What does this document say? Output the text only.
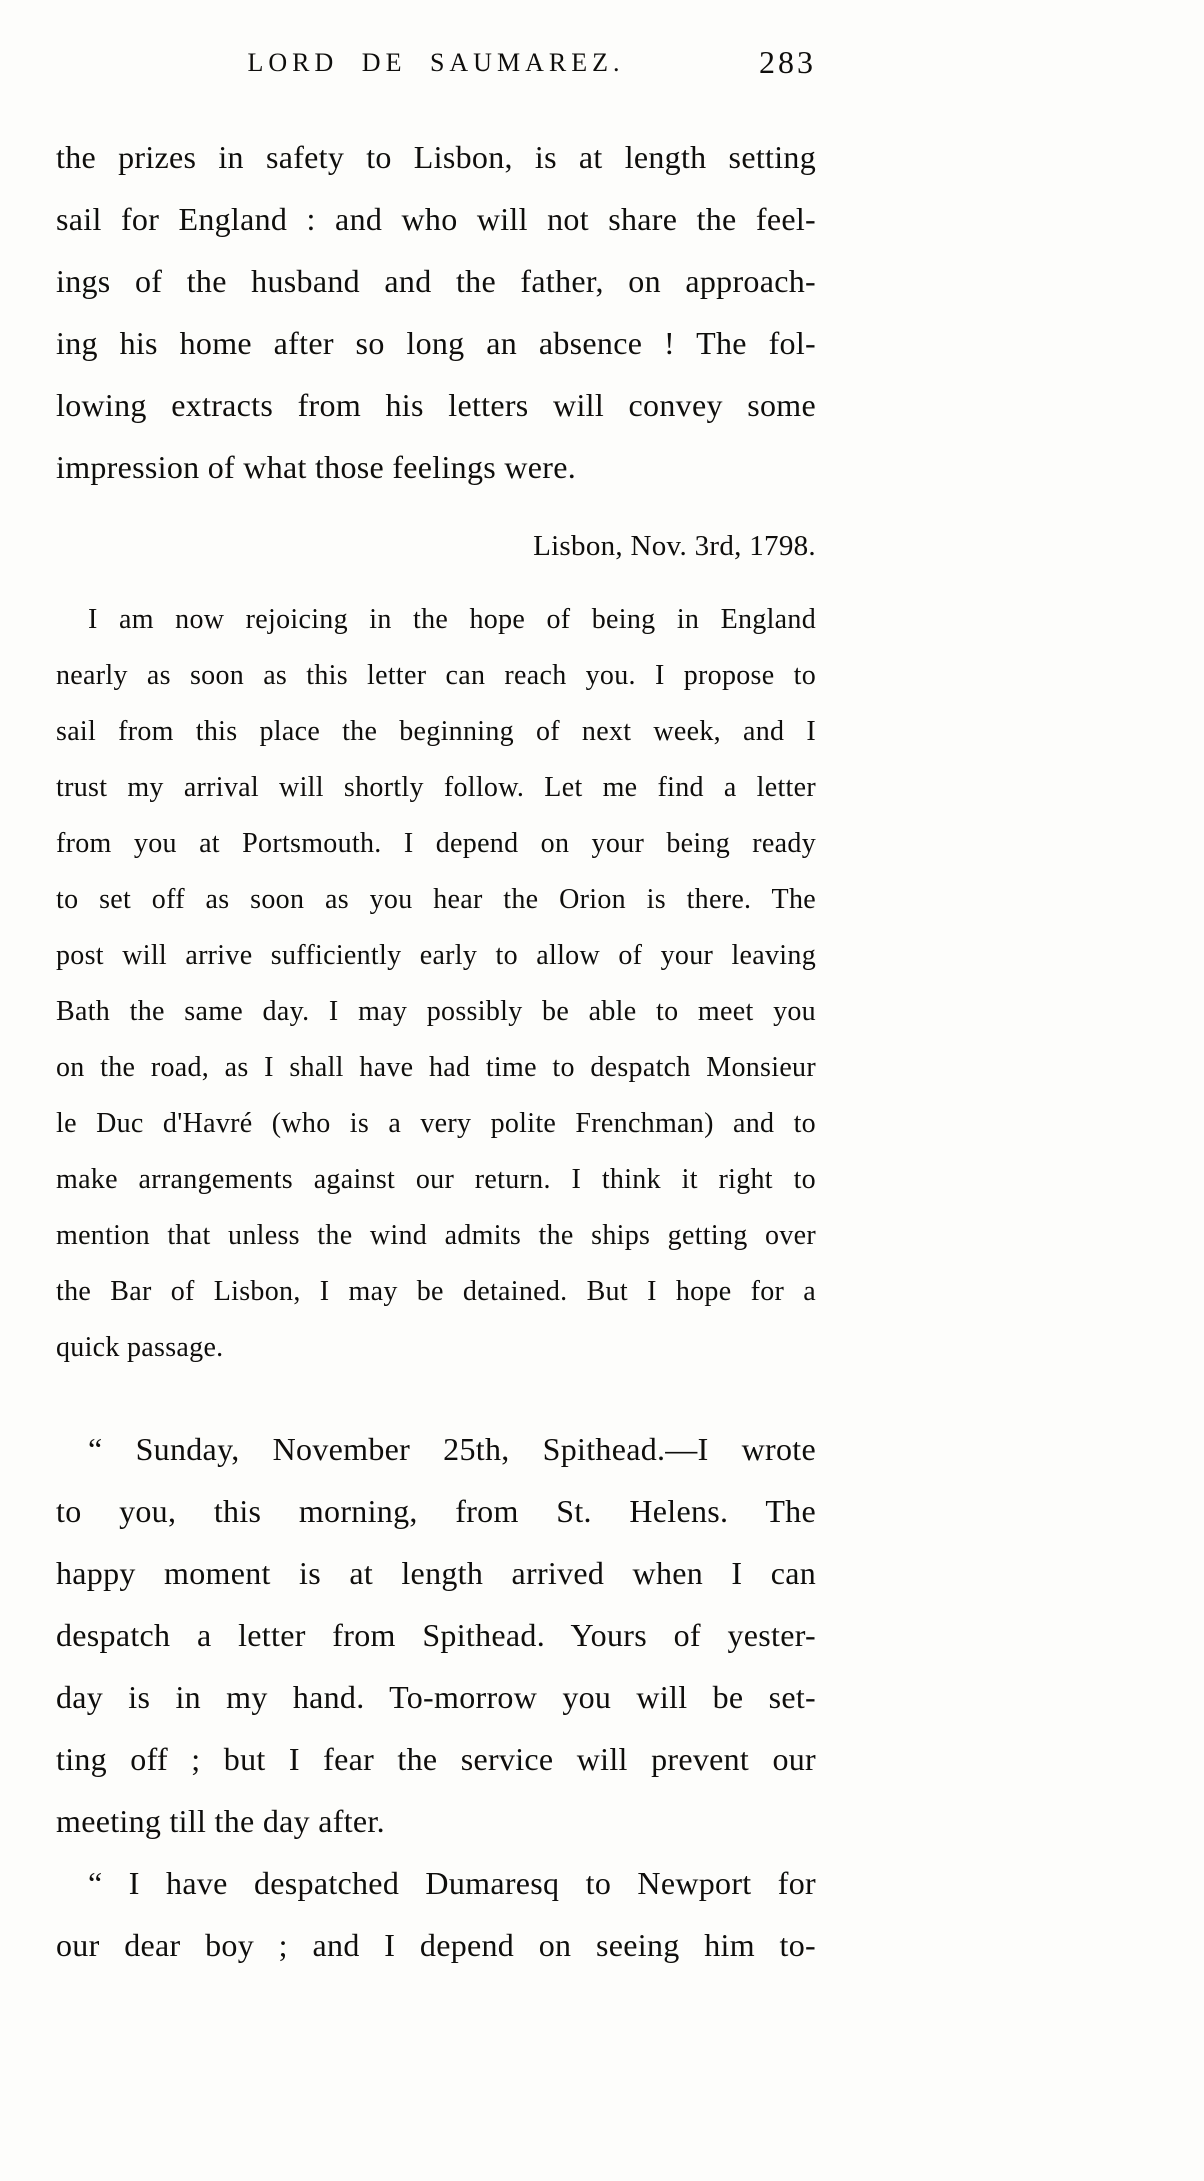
LORD DE SAUMAREZ.	283
the prizes in safety to Lisbon, is at length setting
sail for England : and who will not share the feel-
ings of the husband and the father, on approach-
ing his home after so long an absence ! The fol-
lowing extracts from his letters will convey some
impression of what those feelings were.
Lisbon, Nov. 3rd, 1798.
I am now rejoicing in the hope of being in England
nearly as soon as this letter can reach you. I propose to
sail from this place the beginning of next week, and I
trust my arrival will shortly follow. Let me find a letter
from you at Portsmouth. I depend on your being ready
to set off as soon as you hear the Orion is there. The
post will arrive sufficiently early to allow of your leaving
Bath the same day. I may possibly be able to meet you
on the road, as I shall have had time to despatch Monsieur
le Duc d'Havré (who is a very polite Frenchman) and to
make arrangements against our return. I think it right to
mention that unless the wind admits the ships getting over
the Bar of Lisbon, I may be detained. But I hope for a
quick passage.
“ Sunday, November 25th, Spithead.—I wrote
to you, this morning, from St. Helens. The
happy moment is at length arrived when I can
despatch a letter from Spithead. Yours of yester-
day is in my hand. To-morrow you will be set-
ting off ; but I fear the service will prevent our
meeting till the day after.
“ I have despatched Dumaresq to Newport for
our dear boy ; and I depend on seeing him to-
